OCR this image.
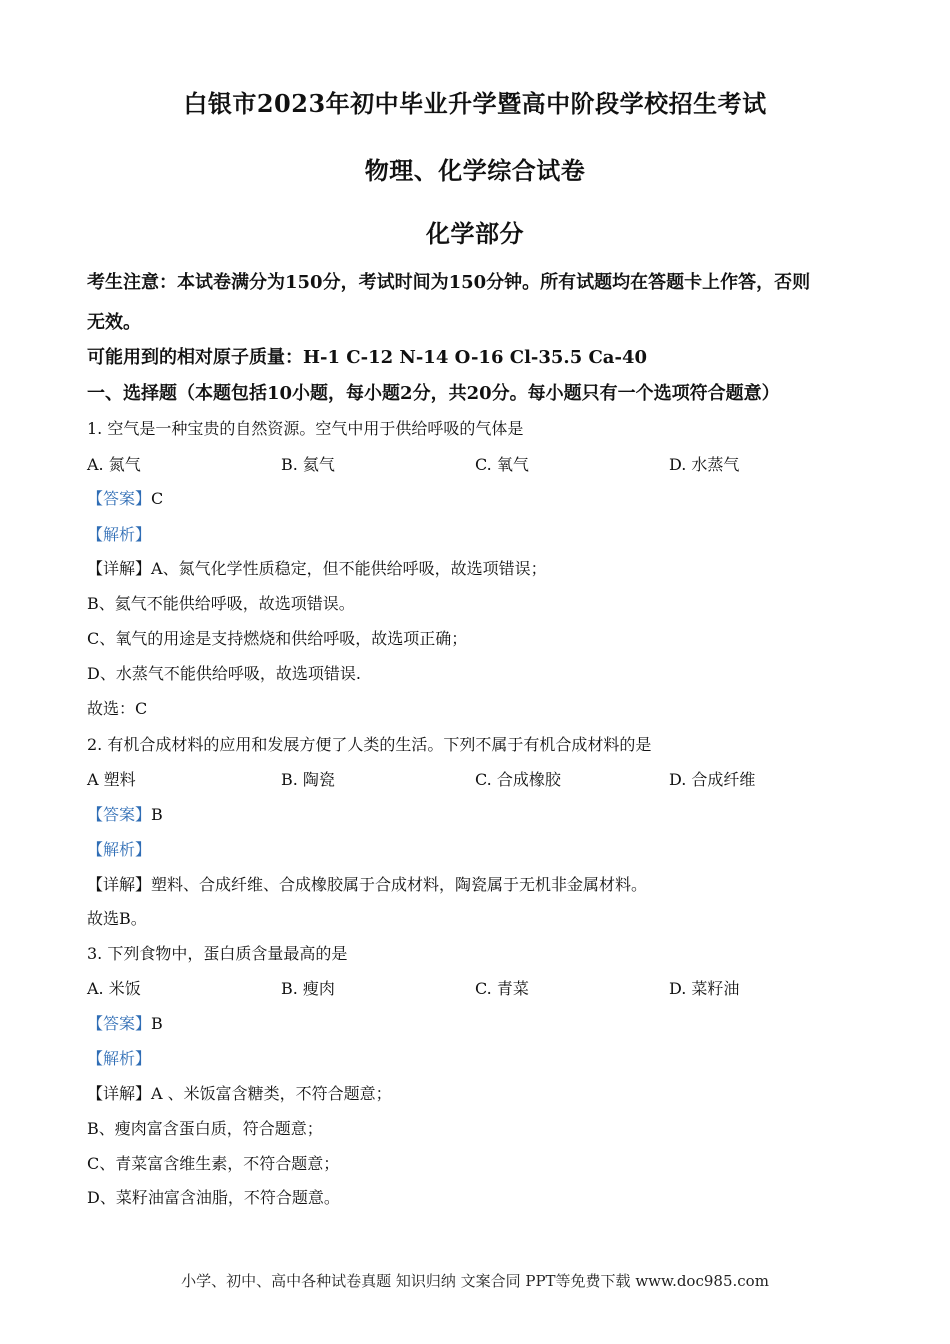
白银市2023年初中毕业升学暨高中阶段学校招生考试
物理、化学综合试卷
化学部分
考生注意：本试卷满分为150分，考试时间为150分钟。所有试题均在答题卡上作答，否则
无效。
可能用到的相对原子质量：H-1 C-12 N-14 O-16 Cl-35.5 Ca-40
一、选择题（本题包括10小题，每小题2分，共20分。每小题只有一个选项符合题意）
1. 空气是一种宝贵的自然资源。空气中用于供给呼吸的气体是
A. 氮气	B. 氦气	C. 氧气	D. 水蒸气
【答案】C
【解析】
【详解】A、氮气化学性质稳定，但不能供给呼吸，故选项错误；
B、氦气不能供给呼吸，故选项错误。
C、氧气的用途是支持燃烧和供给呼吸，故选项正确；
D、水蒸气不能供给呼吸，故选项错误.
故选：C
2. 有机合成材料的应用和发展方便了人类的生活。下列不属于有机合成材料的是
A 塑料	B. 陶瓷	C. 合成橡胶	D. 合成纤维
【答案】B
【解析】
【详解】塑料、合成纤维、合成橡胶属于合成材料，陶瓷属于无机非金属材料。
故选B。
3. 下列食物中，蛋白质含量最高的是
A. 米饭	B. 瘦肉	C. 青菜	D. 菜籽油
【答案】B
【解析】
【详解】A 、米饭富含糖类，不符合题意；
B、瘦肉富含蛋白质，符合题意；
C、青菜富含维生素，不符合题意；
D、菜籽油富含油脂，不符合题意。
小学、初中、高中各种试卷真题 知识归纳 文案合同 PPT等免费下载 www.doc985.com
